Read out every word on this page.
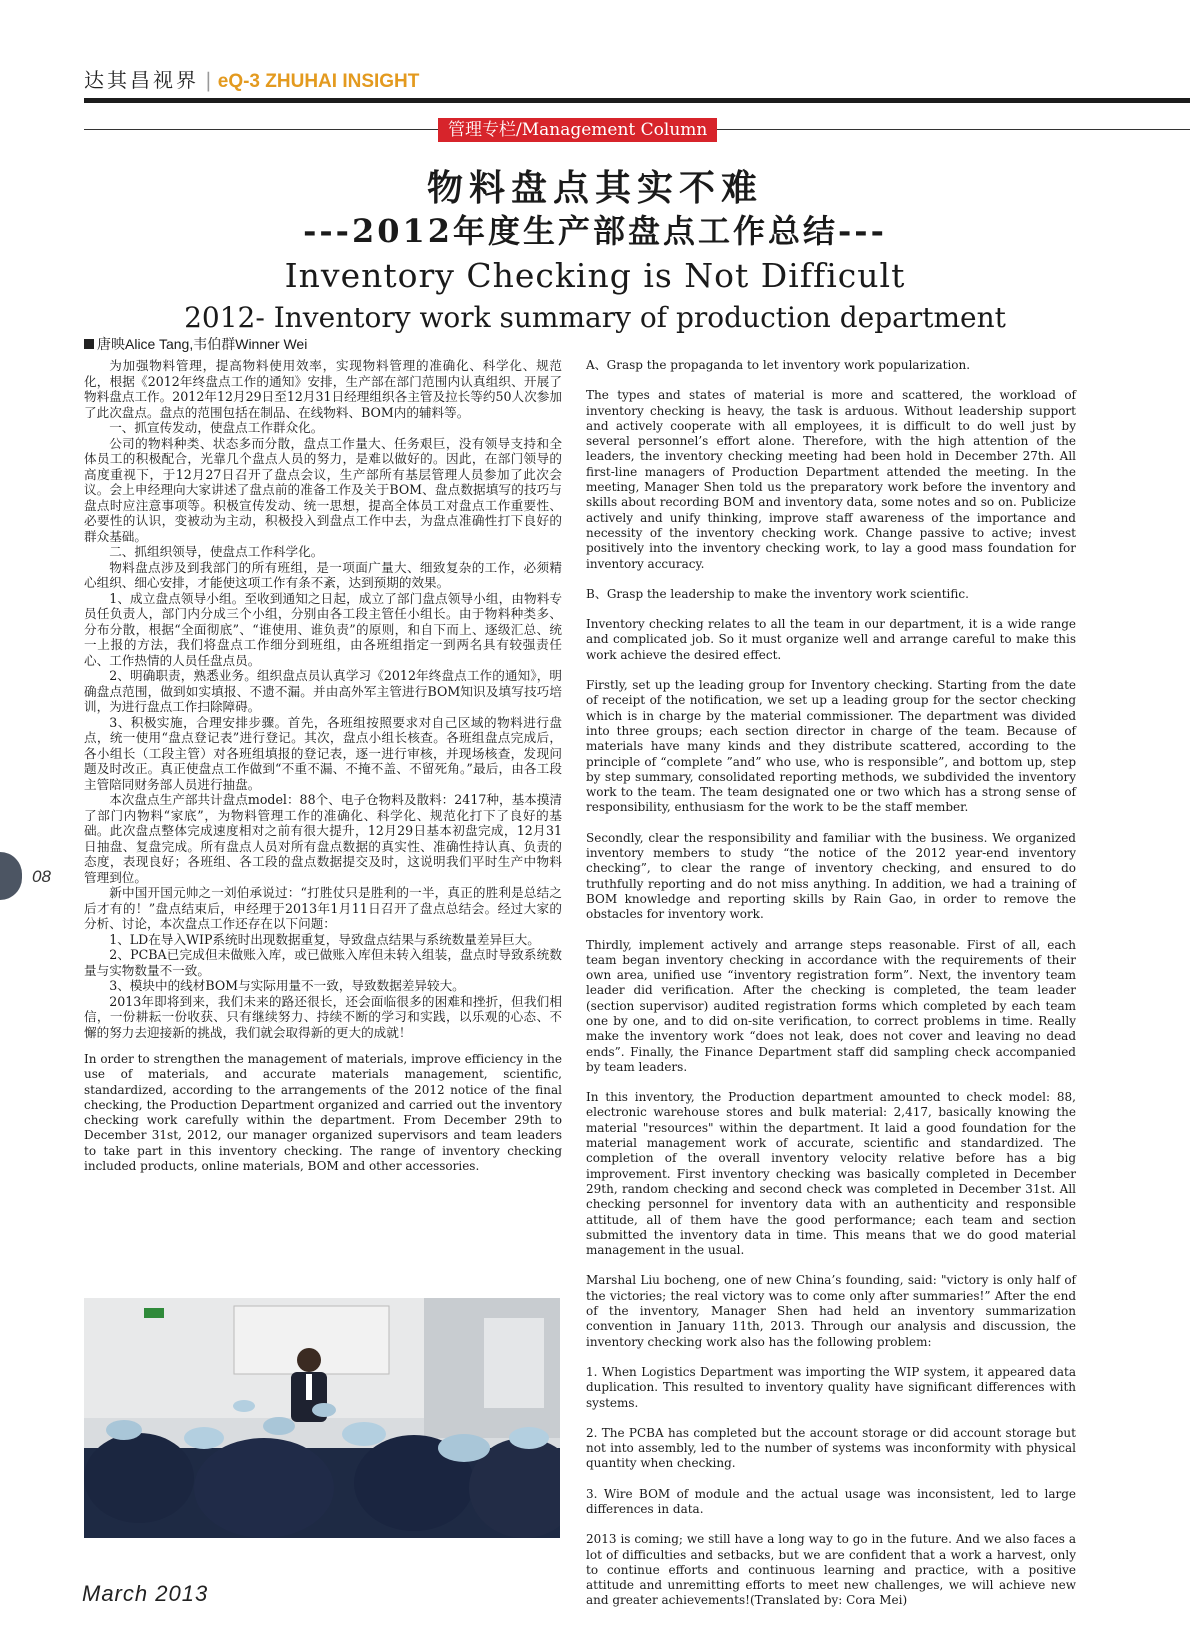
达其昌视界 | eQ-3 ZHUHAI INSIGHT
管理专栏/Management Column
物料盘点其实不难
---2012年度生产部盘点工作总结---
Inventory Checking is Not Difficult
2012- Inventory work summary of production department
唐映Alice Tang,韦伯群Winner Wei

为加强物料管理，提高物料使用效率，实现物料管理的准确化、科学化、规范化，根据《2012年终盘点工作的通知》安排，生产部在部门范围内认真组织、开展了物料盘点工作。2012年12月29日至12月31日经理组织各主管及拉长等约50人次参加了此次盘点。盘点的范围包括在制品、在线物料、BOM内的辅料等。

一、抓宣传发动，使盘点工作群众化。

公司的物料种类、状态多而分散，盘点工作量大、任务艰巨，没有领导支持和全体员工的积极配合，光靠几个盘点人员的努力，是难以做好的。因此，在部门领导的高度重视下，于12月27日召开了盘点会议，生产部所有基层管理人员参加了此次会议。会上申经理向大家讲述了盘点前的准备工作及关于BOM、盘点数据填写的技巧与盘点时应注意事项等。积极宣传发动、统一思想，提高全体员工对盘点工作重要性、必要性的认识，变被动为主动，积极投入到盘点工作中去，为盘点准确性打下良好的群众基础。

二、抓组织领导，使盘点工作科学化。

物料盘点涉及到我部门的所有班组，是一项面广量大、细致复杂的工作，必须精心组织、细心安排，才能使这项工作有条不紊，达到预期的效果。

1、成立盘点领导小组。至收到通知之日起，成立了部门盘点领导小组，由物料专员任负责人，部门内分成三个小组，分别由各工段主管任小组长。由于物料种类多、分布分散，根据“全面彻底”、“谁使用、谁负责”的原则，和自下而上、逐级汇总、统一上报的方法，我们将盘点工作细分到班组，由各班组指定一到两名具有较强责任心、工作热情的人员任盘点员。

2、明确职责，熟悉业务。组织盘点员认真学习《2012年终盘点工作的通知》，明确盘点范围，做到如实填报、不遗不漏。并由高外军主管进行BOM知识及填写技巧培训，为进行盘点工作扫除障碍。

3、积极实施，合理安排步骤。首先，各班组按照要求对自己区域的物料进行盘点，统一使用“盘点登记表”进行登记。其次，盘点小组长核查。各班组盘点完成后，各小组长（工段主管）对各班组填报的登记表，逐一进行审核，并现场核查，发现问题及时改正。真正使盘点工作做到“不重不漏、不掩不盖、不留死角。”最后，由各工段主管陪同财务部人员进行抽盘。

本次盘点生产部共计盘点model：88个、电子仓物料及散料：2417种，基本摸清了部门内物料“家底”，为物料管理工作的准确化、科学化、规范化打下了良好的基础。此次盘点整体完成速度相对之前有很大提升，12月29日基本初盘完成，12月31日抽盘、复盘完成。所有盘点人员对所有盘点数据的真实性、准确性持认真、负责的态度，表现良好；各班组、各工段的盘点数据提交及时，这说明我们平时生产中物料管理到位。

新中国开国元帅之一刘伯承说过：“打胜仗只是胜利的一半，真正的胜利是总结之后才有的！”盘点结束后，申经理于2013年1月11日召开了盘点总结会。经过大家的分析、讨论，本次盘点工作还存在以下问题：

1、LD在导入WIP系统时出现数据重复，导致盘点结果与系统数量差异巨大。

2、PCBA已完成但未做账入库，或已做账入库但未转入组装，盘点时导致系统数量与实物数量不一致。

3、模块中的线材BOM与实际用量不一致，导致数据差异较大。

2013年即将到来，我们未来的路还很长，还会面临很多的困难和挫折，但我们相信，一份耕耘一份收获、只有继续努力、持续不断的学习和实践，以乐观的心态、不懈的努力去迎接新的挑战，我们就会取得新的更大的成就！

In order to strengthen the management of materials, improve efficiency in the use of materials, and accurate materials management, scientific, standardized, according to the arrangements of the 2012 notice of the final checking, the Production Department organized and carried out the inventory checking work carefully within the department. From December 29th to December 31st, 2012, our manager organized supervisors and team leaders to take part in this inventory checking. The range of inventory checking included products, online materials, BOM and other accessories.

A、Grasp the propaganda to let inventory work popularization.

The types and states of material is more and scattered, the workload of inventory checking is heavy, the task is arduous. Without leadership support and actively cooperate with all employees, it is difficult to do well just by several personnel’s effort alone. Therefore, with the high attention of the leaders, the inventory checking meeting had been hold in December 27th. All first-line managers of Production Department attended the meeting. In the meeting, Manager Shen told us the preparatory work before the inventory and skills about recording BOM and inventory data, some notes and so on. Publicize actively and unify thinking, improve staff awareness of the importance and necessity of the inventory checking work. Change passive to active; invest positively into the inventory checking work, to lay a good mass foundation for inventory accuracy.

B、Grasp the leadership to make the inventory work scientific.

Inventory checking relates to all the team in our department, it is a wide range and complicated job. So it must organize well and arrange careful to make this work achieve the desired effect.

Firstly, set up the leading group for Inventory checking. Starting from the date of receipt of the notification, we set up a leading group for the sector checking which is in charge by the material commissioner. The department was divided into three groups; each section director in charge of the team. Because of materials have many kinds and they distribute scattered, according to the principle of “complete ”and” who use, who is responsible”, and bottom up, step by step summary, consolidated reporting methods, we subdivided the inventory work to the team. The team designated one or two which has a strong sense of responsibility, enthusiasm for the work to be the staff member.

Secondly, clear the responsibility and familiar with the business. We organized inventory members to study “the notice of the 2012 year-end inventory checking”, to clear the range of inventory checking, and ensured to do truthfully reporting and do not miss anything. In addition, we had a training of BOM knowledge and reporting skills by Rain Gao, in order to remove the obstacles for inventory work.

Thirdly, implement actively and arrange steps reasonable. First of all, each team began inventory checking in accordance with the requirements of their own area, unified use “inventory registration form”. Next, the inventory team leader did verification. After the checking is completed, the team leader (section supervisor) audited registration forms which completed by each team one by one, and to did on-site verification, to correct problems in time. Really make the inventory work “does not leak, does not cover and leaving no dead ends”. Finally, the Finance Department staff did sampling check accompanied by team leaders.

In this inventory, the Production department amounted to check model: 88, electronic warehouse stores and bulk material: 2,417, basically knowing the material "resources" within the department. It laid a good foundation for the material management work of accurate, scientific and standardized. The completion of the overall inventory velocity relative before has a big improvement. First inventory checking was basically completed in December 29th, random checking and second check was completed in December 31st. All checking personnel for inventory data with an authenticity and responsible attitude, all of them have the good performance; each team and section submitted the inventory data in time. This means that we do good material management in the usual.

Marshal Liu bocheng, one of new China’s founding, said: "victory is only half of the victories; the real victory was to come only after summaries!” After the end of the inventory, Manager Shen had held an inventory summarization convention in January 11th, 2013. Through our analysis and discussion, the inventory checking work also has the following problem:

1. When Logistics Department was importing the WIP system, it appeared data duplication. This resulted to inventory quality have significant differences with systems.

2. The PCBA has completed but the account storage or did account storage but not into assembly, led to the number of systems was inconformity with physical quantity when checking.

3. Wire BOM of module and the actual usage was inconsistent, led to large differences in data.

2013 is coming; we still have a long way to go in the future. And we also faces a lot of difficulties and setbacks, but we are confident that a work a harvest, only to continue efforts and continuous learning and practice, with a positive attitude and unremitting efforts to meet new challenges, we will achieve new and greater achievements!(Translated by: Cora Mei)

08
March 2013
